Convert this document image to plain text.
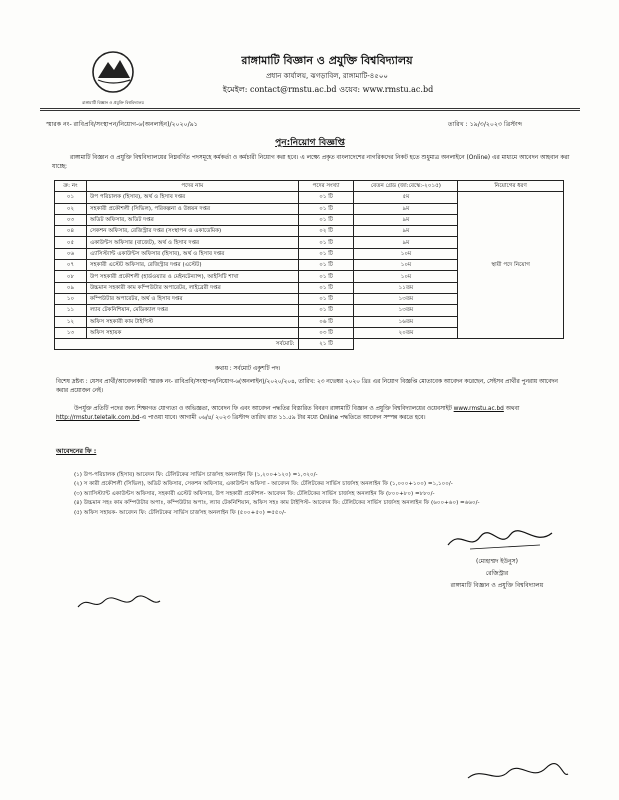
রাঙ্গামাটি বিজ্ঞান ও প্রযুক্তি বিশ্ববিদ্যালয়
রাঙ্গামাটি বিজ্ঞান ও প্রযুক্তি বিশ্ববিদ্যালয়
প্রধান কার্যালয়, ঝগড়াবিল, রাঙ্গামাটি-৪৫০০
ইমেইল: contact@rmstu.ac.bd ওয়েব: www.rmstu.ac.bd
স্মারক নং- রাবিপ্রবি/সংস্থাপন/নিয়োগ-৬(অনলাইন)/২০২০/৯১	তারিখ : ১৯/৩/২০২৩ খ্রিস্টাব্দ
পুন:নিয়োগ বিজ্ঞপ্তি
রাঙ্গামাটি বিজ্ঞান ও প্রযুক্তি বিশ্ববিদ্যালয়ের নিম্নবর্ণিত পদসমূহে কর্মকর্তা ও কর্মচারী নিয়োগ করা হবে। এ লক্ষ্যে প্রকৃত বাংলাদেশের নাগরিকদের নিকট হতে শুধুমাত্র অনলাইনে (Online) এর মাধ্যমে আবেদন আহবান করা যাচ্ছে:
ক্র: নং	পদের নাম	পদের সংখ্যা	বেতন গ্রেড (জা:বেস্কে:-২০১৫)	নিয়োগের ধরণ
০১	উপ পরিচালক (হিসাব), অর্থ ও হিসাব দপ্তর	০১ টি	৫ম	স্থায়ী পদে নিয়োগ
০২	সহকারী প্রকৌশলী (সিভিল), পরিকল্পনা ও উন্নয়ন দপ্তর	০১ টি	৯ম	
০৩	অডিট অফিসার, অডিট দপ্তর	০১ টি	৯ম	
০৪	সেকশন অফিসার, রেজিস্ট্রার দপ্তর (সংস্থাপন ও একাডেমিক)	০২ টি	৯ম	
০৫	একাউন্টস অফিসার (বাজেট), অর্থ ও হিসাব দপ্তর	০১ টি	৯ম	
০৬	এ্যাসিস্ট্যান্ট একাউন্টস অফিসার (হিসাব), অর্থ ও হিসাব দপ্তর	০১ টি	১০ম	
০৭	সহকারী এস্টেট অফিসার, রেজিস্ট্রার দপ্তর (এস্টেট)	০১ টি	১০ম	
০৮	উপ সহকারী প্রকৌশলী (হার্ডওয়্যার ও মেইনটেন্যান্স), আইসিটি শাখা	০১ টি	১০ম	
০৯	উচ্চমান সহকারী কাম কম্পিউটার অপারেটর, লাইব্রেরী দপ্তর	০১ টি	১১তম	
১০	কম্পিউটার অপারেটর, অর্থ ও হিসাব দপ্তর	০১ টি	১৩তম	
১১	ল্যাব টেকনিশিয়ান, মেডিক্যাল দপ্তর	০১ টি	১৩তম	
১২	অফিস সহকারী কাম টাইপিস্ট	০৬ টি	১৬তম	
১৩	অফিস সহায়ক	০৩ টি	২০তম	
সর্বমোট:		২১ টি		
কথায় : সর্বমোট একুশটি পদ।
বিশেষ দ্রষ্টব্য : যেসব প্রার্থী/আবেদনকারী স্মারক নং- রাবিপ্রবি/সংস্থাপন/নিয়োগ-৬(অনলাইন)/২০২০/২০৪, তারিখ: ২৩ নভেম্বর ২০২০ খ্রিঃ এর নিয়োগ বিজ্ঞপ্তি মোতাবেক আবেদন করেছেন, সেইসব প্রার্থীর পুনরায় আবেদন করার প্রয়োজন নেই।
উপর্যুক্ত প্রতিটি পদের জন্য শিক্ষাগত যোগ্যতা ও অভিজ্ঞতা, আবেদন ফি এবং আবেদন পদ্ধতির বিস্তারিত বিবরণ রাঙ্গামাটি বিজ্ঞান ও প্রযুক্তি বিশ্ববিদ্যালয়ের ওয়েবসাইট www.rmstu.ac.bd অথবা http://rmstur.teletalk.com.bd-এ পাওয়া যাবে। আগামী ০৬/৪/ ২০২৩ খ্রিস্টাব্দ তারিখ রাত ১১.৫৯ টার মধ্যে Online পদ্ধতিতে আবেদন সম্পন্ন করতে হবে।
আবেদনের ফি :
(১) উপ-পরিচালক (হিসাব) আবেদন ফি: টেলিটকের সার্ভিস চার্জসহ অনলাইন ফি (১,২০০+১২০) =১,৩২০/-
(২) স কারী প্রকৌশলী (সিভিল), অডিট অফিসার, সেকশন অফিসার, একাউন্টস অফিসা - আবেদন ফি: টেলিটকের সার্ভিস চার্জসহ অনলাইন ফি (১,০০০+১০০) =১,১০০/-
(৩) অ্যাসিস্ট্যান্ট একাউন্টস অফিসার, সহকারী এস্টেট অফিসার, উপ সহকারী প্রকৌশল- আবেদন ফি: টেলিটকের সার্ভিস চার্জসহ অনলাইন ফি (৮০০+৮০) =৮৮০/-
(৪) উচ্চমান সহঃ কাম কম্পিউটার অপাঃ, কম্পিউটার অপাঃ, ল্যাব টেকনিশিয়ান, অফিস সহঃ কাম টাইপিস্ট- আবেদন ফি: টেলিটকের সার্ভিস চার্জসহ অনলাইন ফি (৬০০+৬০) =৬৬০/-
(৫) অফিস সহায়ক- আবেদন ফি: টেলিটকের সার্ভিস চার্জসহ অনলাইন ফি (৫০০+৫০) =৫৫০/-
(মোহাম্মদ ইউনুস)
রেজিস্ট্রার
রাঙ্গামাটি বিজ্ঞান ও প্রযুক্তি বিশ্ববিদ্যালয়
